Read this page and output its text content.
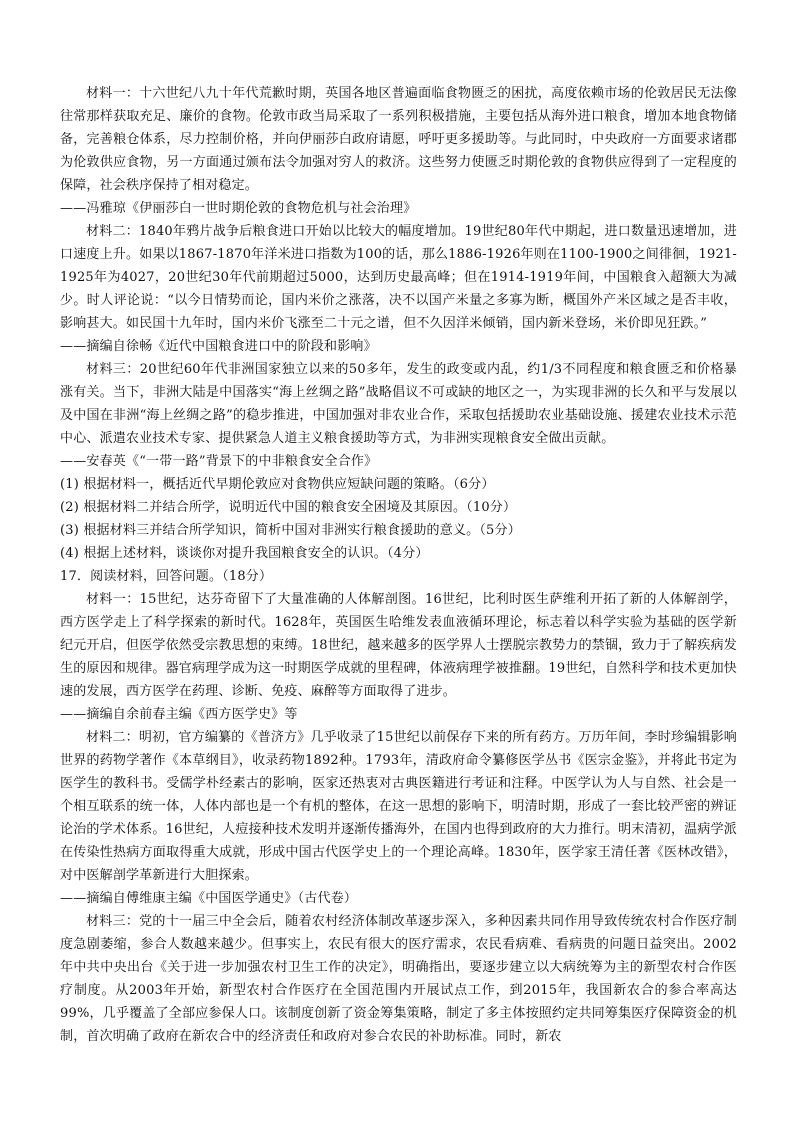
材料一：十六世纪八九十年代荒歉时期，英国各地区普遍面临食物匮乏的困扰，高度依赖市场的伦敦居民无法像往常那样获取充足、廉价的食物。伦敦市政当局采取了一系列积极措施，主要包括从海外进口粮食，增加本地食物储备，完善粮仓体系，尽力控制价格，并向伊丽莎白政府请愿，呼吁更多援助等。与此同时，中央政府一方面要求诸郡为伦敦供应食物，另一方面通过颁布法令加强对穷人的救济。这些努力使匮乏时期伦敦的食物供应得到了一定程度的保障，社会秩序保持了相对稳定。

——冯雅琼《伊丽莎白一世时期伦敦的食物危机与社会治理》

材料二：1840年鸦片战争后粮食进口开始以比较大的幅度增加。19世纪80年代中期起，进口数量迅速增加，进口速度上升。如果以1867-1870年洋米进口指数为100的话，那么1886-1926年则在1100-1900之间徘徊，1921-1925年为4027，20世纪30年代前期超过5000，达到历史最高峰；但在1914-1919年间，中国粮食入超额大为减少。时人评论说：“以今日情势而论，国内米价之涨落，决不以国产米量之多寡为断，概国外产米区域之是否丰收，影响甚大。如民国十九年时，国内米价飞涨至二十元之谱，但不久因洋米倾销，国内新米登场，米价即见狂跌。”

——摘编自徐畅《近代中国粮食进口中的阶段和影响》

材料三：20世纪60年代非洲国家独立以来的50多年，发生的政变或内乱，约1/3不同程度和粮食匮乏和价格暴涨有关。当下，非洲大陆是中国落实“海上丝绸之路”战略倡议不可或缺的地区之一，为实现非洲的长久和平与发展以及中国在非洲“海上丝绸之路”的稳步推进，中国加强对非农业合作，采取包括援助农业基础设施、援建农业技术示范中心、派遣农业技术专家、提供紧急人道主义粮食援助等方式，为非洲实现粮食安全做出贡献。

——安春英《“一带一路”背景下的中非粮食安全合作》

(1) 根据材料一，概括近代早期伦敦应对食物供应短缺问题的策略。（6分）

(2) 根据材料二并结合所学，说明近代中国的粮食安全困境及其原因。（10分）

(3) 根据材料三并结合所学知识，简析中国对非洲实行粮食援助的意义。（5分）

(4) 根据上述材料，谈谈你对提升我国粮食安全的认识。（4分）

17．阅读材料，回答问题。（18分）

材料一：15世纪，达芬奇留下了大量准确的人体解剖图。16世纪，比利时医生萨维利开拓了新的人体解剖学，西方医学走上了科学探索的新时代。1628年，英国医生哈维发表血液循环理论，标志着以科学实验为基础的医学新纪元开启，但医学依然受宗教思想的束缚。18世纪，越来越多的医学界人士摆脱宗教势力的禁锢，致力于了解疾病发生的原因和规律。器官病理学成为这一时期医学成就的里程碑，体液病理学被推翻。19世纪，自然科学和技术更加快速的发展，西方医学在药理、诊断、免疫、麻醉等方面取得了进步。

——摘编自余前春主编《西方医学史》等

材料二：明初，官方编纂的《普济方》几乎收录了15世纪以前保存下来的所有药方。万历年间，李时珍编辑影响世界的药物学著作《本草纲目》，收录药物1892种。1793年，清政府命令纂修医学丛书《医宗金鉴》，并将此书定为医学生的教科书。受儒学朴经素古的影响，医家还热衷对古典医籍进行考证和注释。中医学认为人与自然、社会是一个相互联系的统一体，人体内部也是一个有机的整体，在这一思想的影响下，明清时期，形成了一套比较严密的辨证论治的学术体系。16世纪，人痘接种技术发明并逐渐传播海外，在国内也得到政府的大力推行。明末清初，温病学派在传染性热病方面取得重大成就，形成中国古代医学史上的一个理论高峰。1830年，医学家王清任著《医林改错》，对中医解剖学革新进行大胆探索。

——摘编自傅维康主编《中国医学通史》（古代卷）

材料三：党的十一届三中全会后，随着农村经济体制改革逐步深入，多种因素共同作用导致传统农村合作医疗制度急剧萎缩，参合人数越来越少。但事实上，农民有很大的医疗需求，农民看病难、看病贵的问题日益突出。2002年中共中央出台《关于进一步加强农村卫生工作的决定》，明确指出，要逐步建立以大病统筹为主的新型农村合作医疗制度。从2003年开始，新型农村合作医疗在全国范围内开展试点工作，到2015年，我国新农合的参合率高达99%，几乎覆盖了全部应参保人口。该制度创新了资金筹集策略，制定了多主体按照约定共同筹集医疗保障资金的机制，首次明确了政府在新农合中的经济责任和政府对参合农民的补助标准。同时，新农
